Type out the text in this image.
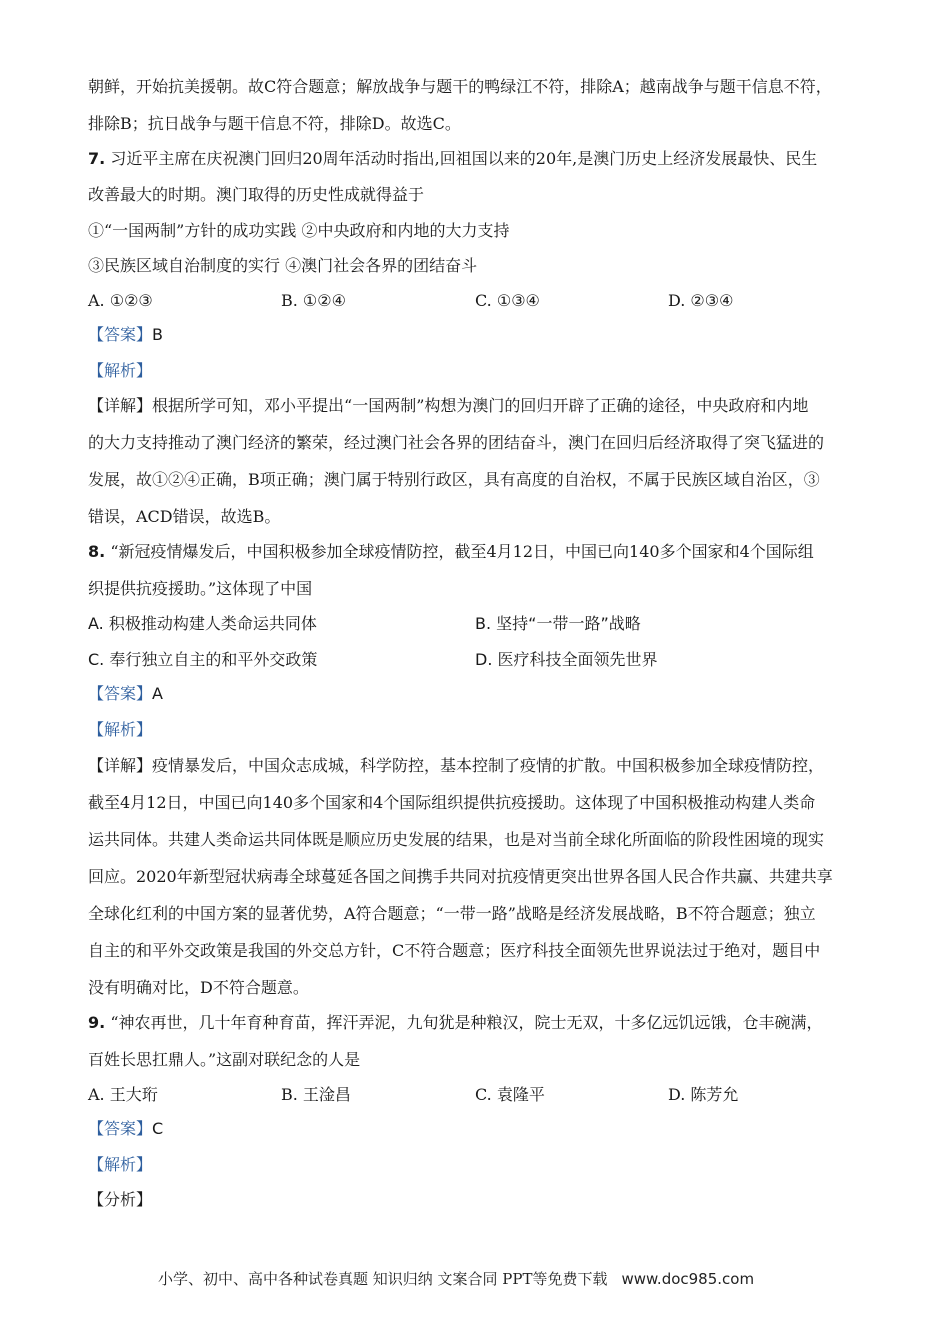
朝鲜，开始抗美援朝。故C符合题意；解放战争与题干的鸭绿江不符，排除A；越南战争与题干信息不符，
排除B；抗日战争与题干信息不符，排除D。故选C。
7. 习近平主席在庆祝澳门回归20周年活动时指出,回祖国以来的20年,是澳门历史上经济发展最快、民生
改善最大的时期。澳门取得的历史性成就得益于
①“一国两制”方针的成功实践 ②中央政府和内地的大力支持
③民族区域自治制度的实行 ④澳门社会各界的团结奋斗
A. ①②③	B. ①②④	C. ①③④	D. ②③④
【答案】B
【解析】
【详解】根据所学可知，邓小平提出“一国两制”构想为澳门的回归开辟了正确的途径，中央政府和内地
的大力支持推动了澳门经济的繁荣，经过澳门社会各界的团结奋斗，澳门在回归后经济取得了突飞猛进的
发展，故①②④正确，B项正确；澳门属于特别行政区，具有高度的自治权，不属于民族区域自治区，③
错误，ACD错误，故选B。
8. “新冠疫情爆发后，中国积极参加全球疫情防控，截至4月12日，中国已向140多个国家和4个国际组
织提供抗疫援助。”这体现了中国
A. 积极推动构建人类命运共同体	B. 坚持“一带一路”战略
C. 奉行独立自主的和平外交政策	D. 医疗科技全面领先世界
【答案】A
【解析】
【详解】疫情暴发后，中国众志成城，科学防控，基本控制了疫情的扩散。中国积极参加全球疫情防控，
截至4月12日，中国已向140多个国家和4个国际组织提供抗疫援助。这体现了中国积极推动构建人类命
运共同体。共建人类命运共同体既是顺应历史发展的结果，也是对当前全球化所面临的阶段性困境的现实
回应。2020年新型冠状病毒全球蔓延各国之间携手共同对抗疫情更突出世界各国人民合作共赢、共建共享
全球化红利的中国方案的显著优势，A符合题意；“一带一路”战略是经济发展战略，B不符合题意；独立
自主的和平外交政策是我国的外交总方针，C不符合题意；医疗科技全面领先世界说法过于绝对，题目中
没有明确对比，D不符合题意。
9. “神农再世，几十年育种育苗，挥汗弄泥，九旬犹是种粮汉，院士无双，十多亿远饥远饿，仓丰碗满，
百姓长思扛鼎人。”这副对联纪念的人是
A. 王大珩	B. 王淦昌	C. 袁隆平	D. 陈芳允
【答案】C
【解析】
【分析】
小学、初中、高中各种试卷真题 知识归纳 文案合同 PPT等免费下载 www.doc985.com
